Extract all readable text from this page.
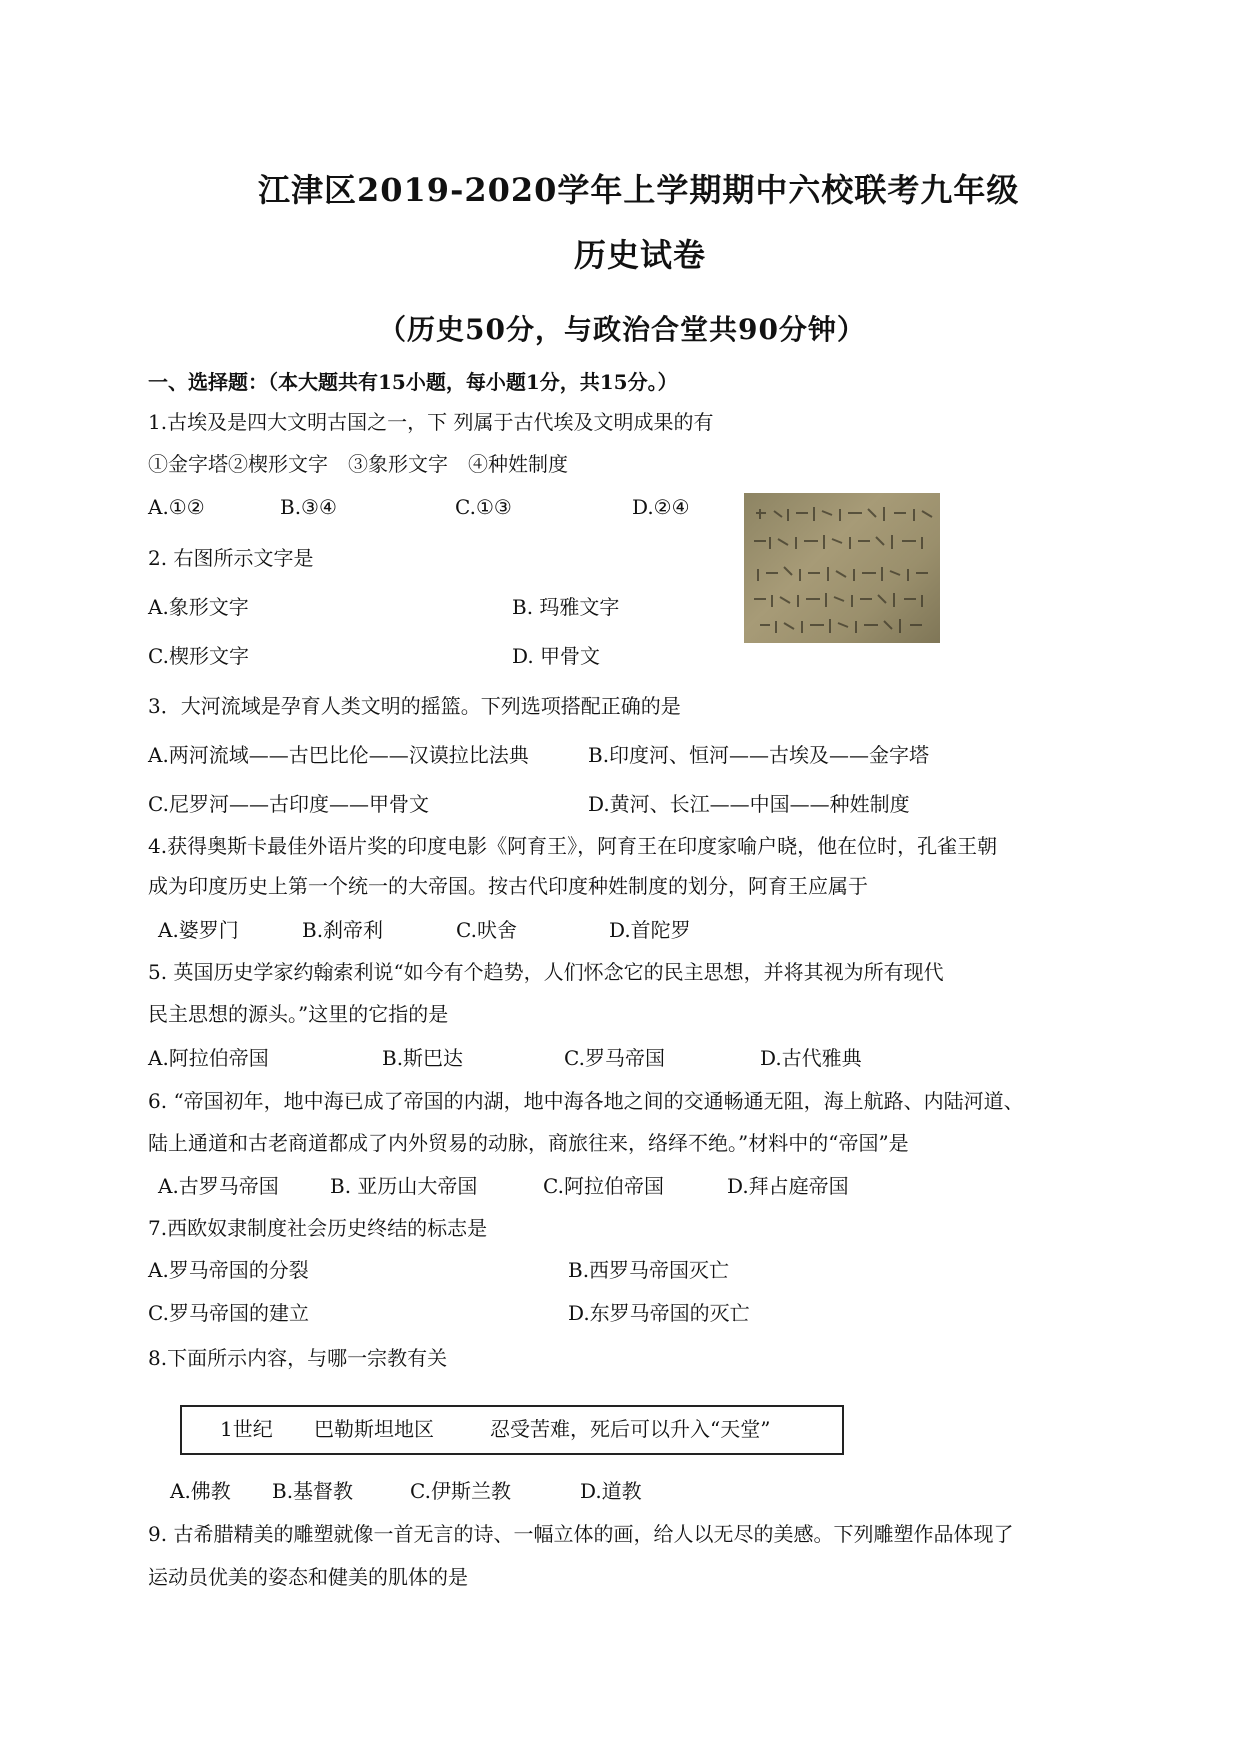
江津区2019-2020学年上学期期中六校联考九年级
历史试卷
（历史50分，与政治合堂共90分钟）
一、选择题：（本大题共有15小题，每小题1分，共15分。）
1.古埃及是四大文明古国之一，下 列属于古代埃及文明成果的有
①金字塔②楔形文字　③象形文字　④种姓制度
A.①②	B.③④	C.①③	D.②④
2. 右图所示文字是
A.象形文字	B. 玛雅文字
C.楔形文字	D. 甲骨文
3．大河流域是孕育人类文明的摇篮。下列选项搭配正确的是
A.两河流域——古巴比伦——汉谟拉比法典	B.印度河、恒河——古埃及——金字塔
C.尼罗河——古印度——甲骨文	D.黄河、长江——中国——种姓制度
4.获得奥斯卡最佳外语片奖的印度电影《阿育王》，阿育王在印度家喻户晓，他在位时，孔雀王朝
成为印度历史上第一个统一的大帝国。按古代印度种姓制度的划分，阿育王应属于
A.婆罗门	B.刹帝利	C.吠舍	D.首陀罗
5. 英国历史学家约翰索利说“如今有个趋势，人们怀念它的民主思想，并将其视为所有现代
民主思想的源头。”这里的它指的是
A.阿拉伯帝国	B.斯巴达	C.罗马帝国	D.古代雅典
6. “帝国初年，地中海已成了帝国的内湖，地中海各地之间的交通畅通无阻，海上航路、内陆河道、
陆上通道和古老商道都成了内外贸易的动脉，商旅往来，络绎不绝。”材料中的“帝国”是
A.古罗马帝国	B. 亚历山大帝国	C.阿拉伯帝国	D.拜占庭帝国
7.西欧奴隶制度社会历史终结的标志是
A.罗马帝国的分裂	B.西罗马帝国灭亡
C.罗马帝国的建立	D.东罗马帝国的灭亡
8.下面所示内容，与哪一宗教有关
1世纪 巴勒斯坦地区	忍受苦难，死后可以升入“天堂”
A.佛教 B.基督教	C.伊斯兰教	D.道教
9. 古希腊精美的雕塑就像一首无言的诗、一幅立体的画，给人以无尽的美感。下列雕塑作品体现了
运动员优美的姿态和健美的肌体的是
